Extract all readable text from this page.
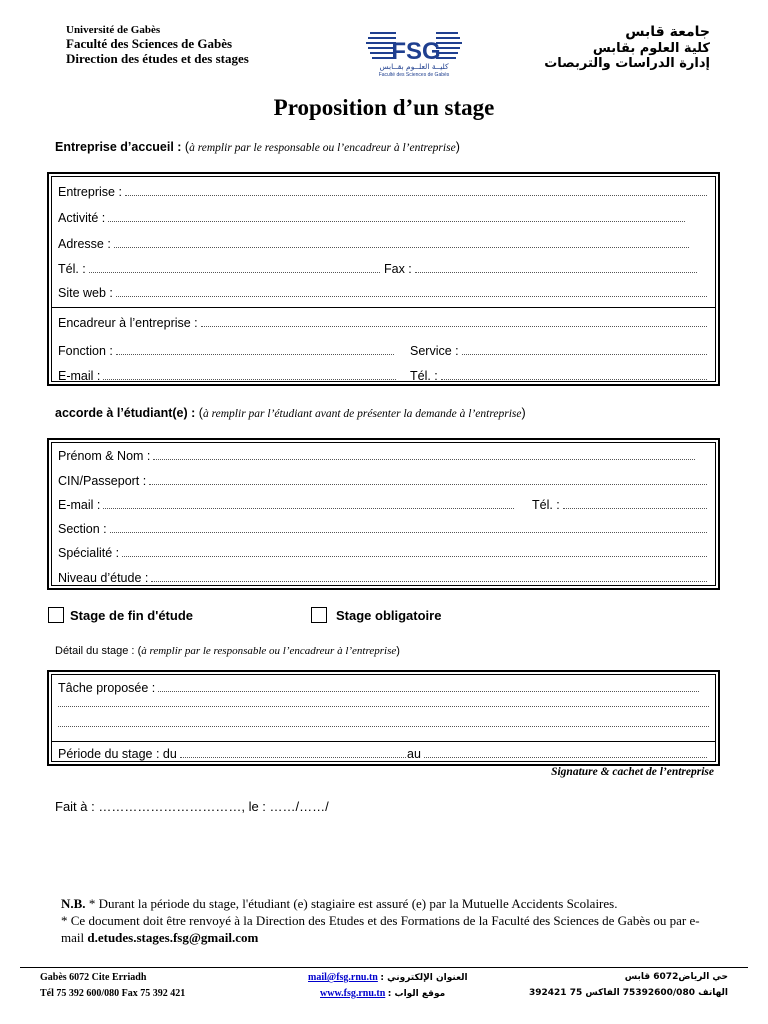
Université de Gabès
Faculté des Sciences de Gabès
Direction des études et des stages	FSG
كليــة العلــوم بقــابس
Faculté des Sciences de Gabès
جامعة قابس
كلية العلوم بقابس
إدارة الدراسات والتربصات
Proposition d’un stage
Entreprise d’accueil : (à remplir par le responsable ou l’encadreur à l’entreprise)
Entreprise :
Activité :
Adresse :
Tél. :	Fax :
Site web :
Encadreur à l’entreprise :
Fonction :	Service :
E-mail :	Tél. :
accorde à l’étudiant(e) : (à remplir par l’étudiant avant de présenter la demande à l’entreprise)
Prénom & Nom :
CIN/Passeport :
E-mail :	Tél. :
Section :
Spécialité :
Niveau d’étude :
Stage de fin d'étude	Stage obligatoire
Détail du stage : (à remplir par le responsable ou l’encadreur à l’entreprise)
Tâche proposée :
Période du stage : du	au
Signature & cachet de l’entreprise
Fait à : ……………………………, le : ……/……/
N.B. * Durant la période du stage, l'étudiant (e) stagiaire est assuré (e) par la Mutuelle Accidents Scolaires.
* Ce document doit être renvoyé à la Direction des Etudes et des Formations de la Faculté des Sciences de Gabès ou par e-mail d.etudes.stages.fsg@gmail.com
Gabès 6072 Cite Erriadh
Tél 75 392 600/080 Fax 75 392 421
mail@fsg.rnu.tn : العنوان الإلكتروني
www.fsg.rnu.tn : موقع الواب
حي الرياض6072 قابس
الهاتف 75392600/080 الفاكس 75 392421
